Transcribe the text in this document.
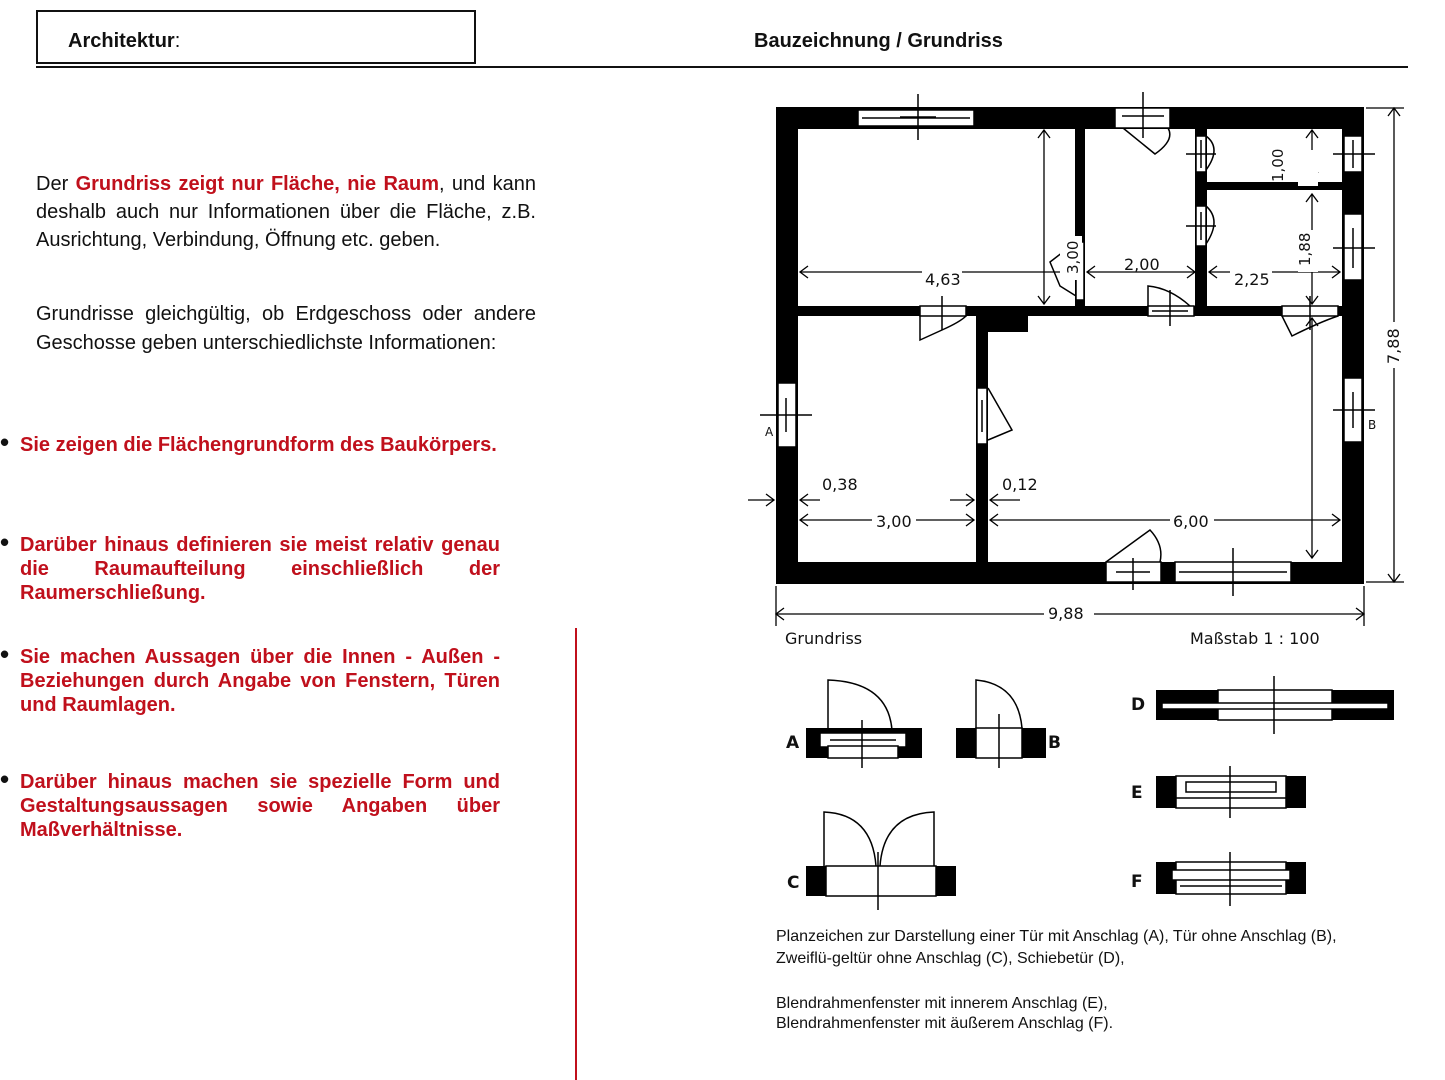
Architektur:	Bauzeichnung / Grundriss
Der Grundriss zeigt nur Fläche, nie Raum, und kann deshalb auch nur Informationen über die Fläche, z.B. Ausrichtung, Verbindung, Öffnung etc. geben.
Grundrisse gleichgültig, ob Erdgeschoss oder andere Geschosse geben unterschiedlichste Informationen:
• Sie zeigen die Flächengrundform des Baukörpers.
• Darüber hinaus definieren sie meist relativ genau die Raumaufteilung einschließlich der Raumerschließung.
• Sie machen Aussagen über die Innen - Außen - Beziehungen durch Angabe von Fenstern, Türen und Raumlagen.
• Darüber hinaus machen sie spezielle Form und Gestaltungsaussagen sowie Angaben über Maßverhältnisse.
4,63
3,00	2,00
2,25
1,00
1,88
0,38
3,00
0,12
6,00
9,88
7,88
A	B
Grundriss	Maßstab 1 : 100
A	B
C
D
E
F
Planzeichen zur Darstellung einer Tür mit Anschlag (A), Tür ohne Anschlag (B),
Zweiflü-geltür ohne Anschlag (C), Schiebetür (D),
Blendrahmenfenster mit innerem Anschlag (E),
Blendrahmenfenster mit äußerem Anschlag (F).
